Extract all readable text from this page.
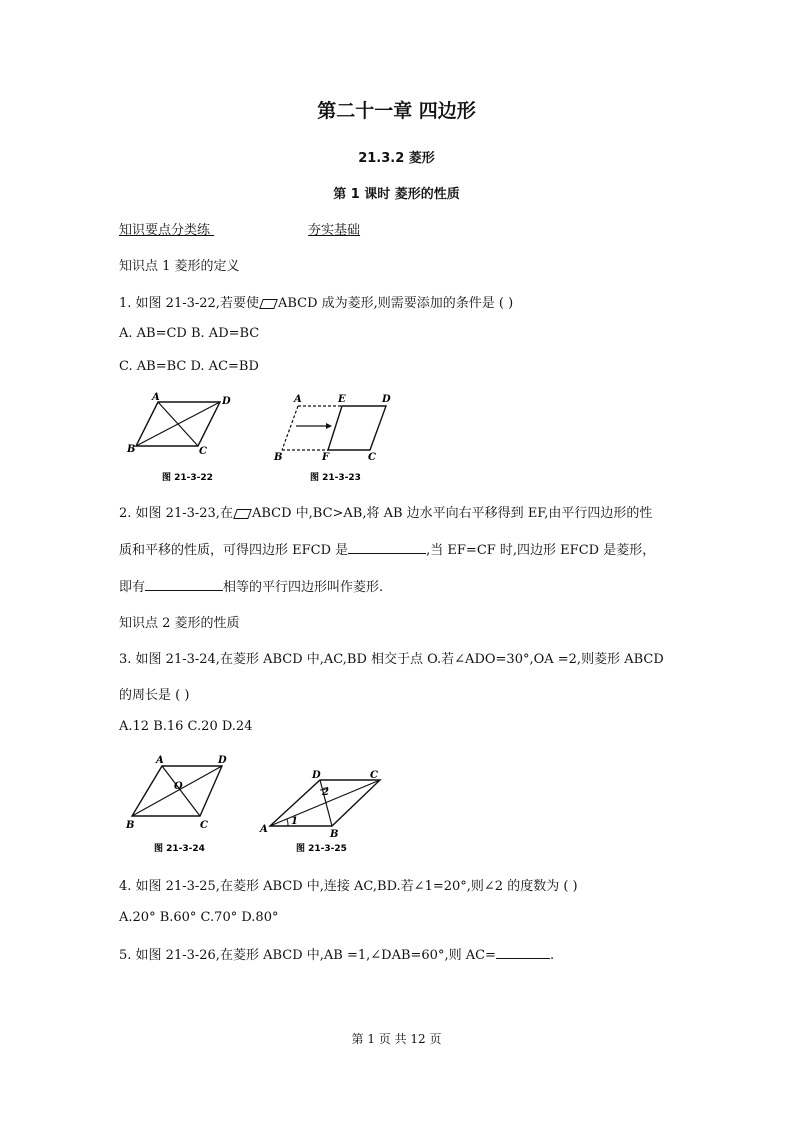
第二十一章 四边形
21.3.2 菱形
第 1 课时 菱形的性质
知识要点分类练	夯实基础
知识点 1 菱形的定义
1. 如图 21-3-22,若要使 ABCD 成为菱形,则需要添加的条件是 ( )
A. AB=CD B. AD=BC
C. AB=BC D. AC=BD
A	D
B	C
图 21-3-22
A	E	D
B	F	C
图 21-3-23
2. 如图 21-3-23,在 ABCD 中,BC>AB,将 AB 边水平向右平移得到 EF,由平行四边形的性
质和平移的性质，可得四边形 EFCD 是	,当 EF=CF 时,四边形 EFCD 是菱形，
即有	相等的平行四边形叫作菱形.
知识点 2 菱形的性质
3. 如图 21-3-24,在菱形 ABCD 中,AC,BD 相交于点 O.若∠ADO=30°,OA =2,则菱形 ABCD
的周长是 ( )
A.12 B.16 C.20 D.24
A	D
O
B	C
图 21-3-24
D	C
2
1
A	B
图 21-3-25
4. 如图 21-3-25,在菱形 ABCD 中,连接 AC,BD.若∠1=20°,则∠2 的度数为 ( )
A.20° B.60° C.70° D.80°
5. 如图 21-3-26,在菱形 ABCD 中,AB =1,∠DAB=60°,则 AC=	.
第 1 页 共 12 页
